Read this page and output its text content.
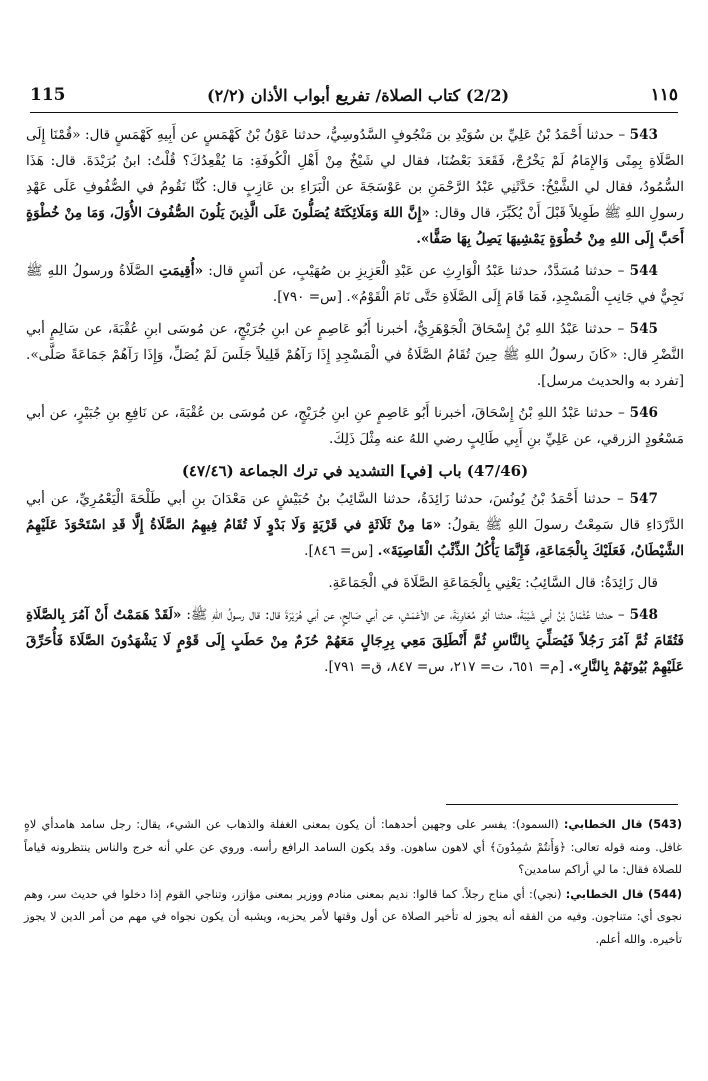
115	(2/2) كتاب الصلاة/ تفريع أبواب الأذان (٢/٢)	١١٥

543 – حدثنا أَحْمَدُ بْنُ عَلِيِّ بن سُوَيْدِ بن مَنْجُوفٍ السَّدُوسِيُّ، حدثنا عَوْنُ بْنُ كَهْمَسٍ عن أَبِيهِ كَهْمَسٍ قال: «قُمْنَا إِلَى الصَّلَاةِ بِمِنًى وَالإِمَامُ لَمْ يَخْرُجْ، فَقَعَدَ بَعْضُنَا، فقال لي شَيْخٌ مِنْ أَهْلِ الْكُوفَةِ: مَا يُقْعِدُكَ؟ قُلْتُ: ابنُ بُرَيْدَةَ. قال: هَذَا السُّمُودُ، فقال لي الشَّيْخُ: حَدَّثَنِي عَبْدُ الرَّحْمَنِ بن عَوْسَجَةَ عن الْبَرَاءِ بن عَازِبٍ قال: كُنَّا نَقُومُ في الصُّفُوفِ عَلَى عَهْدِ رسولِ اللهِ ﷺ طَوِيلاً قَبْلَ أَنْ يُكَبِّرَ، قال وقال: «إِنَّ اللهَ وَمَلَائِكَتَهُ يُصَلُّونَ عَلَى الَّذِينَ يَلُونَ الصُّفُوفَ الأُوَلَ، وَمَا مِنْ خُطْوَةٍ أَحَبَّ إِلَى اللهِ مِنْ خُطْوَةٍ يَمْشِيهَا يَصِلُ بِهَا صَفًّا».

544 – حدثنا مُسَدَّدٌ، حدثنا عَبْدُ الْوَارِثِ عن عَبْدِ الْعَزِيزِ بن صُهَيْبٍ، عن أنَسٍ قال: «أُقِيمَتِ الصَّلَاةُ ورسولُ اللهِ ﷺ نَجِيٌّ في جَانِبِ الْمَسْجِدِ، فَمَا قَامَ إِلَى الصَّلَاةِ حَتَّى نَامَ الْقَوْمُ». [س= ٧٩٠].

545 – حدثنا عَبْدُ اللهِ بْنُ إِسْحَاقَ الْجَوْهَرِيُّ، أخبرنا أَبُو عَاصِمٍ عن ابنِ جُرَيْجٍ، عن مُوسَى ابنِ عُقْبَةَ، عن سَالِمٍ أبي النَّضْرِ قال: «كَانَ رسولُ اللهِ ﷺ حِينَ تُقَامُ الصَّلَاةُ في الْمَسْجِدِ إِذَا رَآهُمْ قَلِيلاً جَلَسَ لَمْ يُصَلِّ، وَإِذَا رَآهُمْ جَمَاعَةً صَلَّى». [تفرد به والحديث مرسل].

546 – حدثنا عَبْدُ اللهِ بْنُ إِسْحَاقَ، أخبرنا أَبُو عَاصِمٍ عنِ ابنِ جُرَيْجٍ، عن مُوسَى بن عُقْبَةَ، عن نَافِعِ بنِ جُبَيْرٍ، عن أبي مَسْعُودٍ الزرقي، عن عَلِيِّ بنِ أَبِي طَالِبٍ رضي اللهُ عنه مِثْلَ ذَلِكَ.

(47/46) باب [في] التشديد في ترك الجماعة (٤٧/٤٦)

547 – حدثنا أَحْمَدُ بْنُ يُونُسَ، حدثنا زَائِدَةُ، حدثنا السَّائِبُ بنُ حُبَيْشٍ عن مَعْدَانَ بنِ أبي طَلْحَةَ الْيَعْمُرِيِّ، عن أبي الدَّرْدَاءِ قال سَمِعْتُ رسولَ اللهِ ﷺ يقولُ: «مَا مِنْ ثَلَاثَةٍ في قَرْيَةٍ وَلَا بَدْوٍ لَا تُقَامُ فِيهِمُ الصَّلَاةُ إِلَّا قَدِ اسْتَحْوَذَ عَلَيْهِمُ الشَّيْطَانُ، فَعَلَيْكَ بِالْجَمَاعَةِ، فَإِنَّمَا يَأْكُلُ الذِّئْبُ الْقَاصِيَةَ». [س= ٨٤٦].

قال زَائِدَةُ: قال السَّائِبُ: يَعْنِي بِالْجَمَاعَةِ الصَّلَاةَ في الْجَمَاعَةِ.

548 – حدثنا عُثْمَانُ بْنُ أبي شَيْبَةَ، حدثنا أبُو مُعَاوِيَةَ، عن الأعْمَشِ، عن أبي صَالِحٍ، عن أبي هُرَيْرَةَ قال: قال رسولُ اللهِ ﷺ: «لَقَدْ هَمَمْتُ أَنْ آمُرَ بِالصَّلَاةِ فَتُقَامَ ثُمَّ آمُرَ رَجُلاً فَيُصَلِّيَ بِالنَّاسِ ثُمَّ أَنْطَلِقَ مَعِي بِرِجَالٍ مَعَهُمْ حُزَمٌ مِنْ حَطَبٍ إِلَى قَوْمٍ لَا يَشْهَدُونَ الصَّلَاةَ فَأُحَرِّقَ عَلَيْهِمْ بُيُوتَهُمْ بِالنَّارِ». [م= ٦٥١، ت= ٢١٧، س= ٨٤٧، ق= ٧٩١].

(543) قال الخطابي: (السمود): يفسر على وجهين أحدهما: أن يكون بمعنى الغفلة والذهاب عن الشيء، يقال: رجل سامد هامدأي لاهٍ غافل. ومنه قوله تعالى: ﴿وَأَنتُمْ سَٰمِدُونَ﴾ أي لاهون ساهون. وقد يكون السامد الرافع رأسه. وروي عن علي أنه خرج والناس ينتظرونه قياماً للصلاة فقال: ما لي أراكم سامدين؟

(544) قال الخطابي: (نجي): أي مناج رجلاً. كما قالوا: نديم بمعنى منادم ووزير بمعنى مؤازر، وتناجي القوم إذا دخلوا في حديث سر، وهم نجوى أي: متناجون. وفيه من الفقه أنه يجوز له تأخير الصلاة عن أول وقتها لأمر يحزبه، ويشبه أن يكون نجواه في مهم من أمر الدين لا يجوز تأخيره. والله أعلم.
